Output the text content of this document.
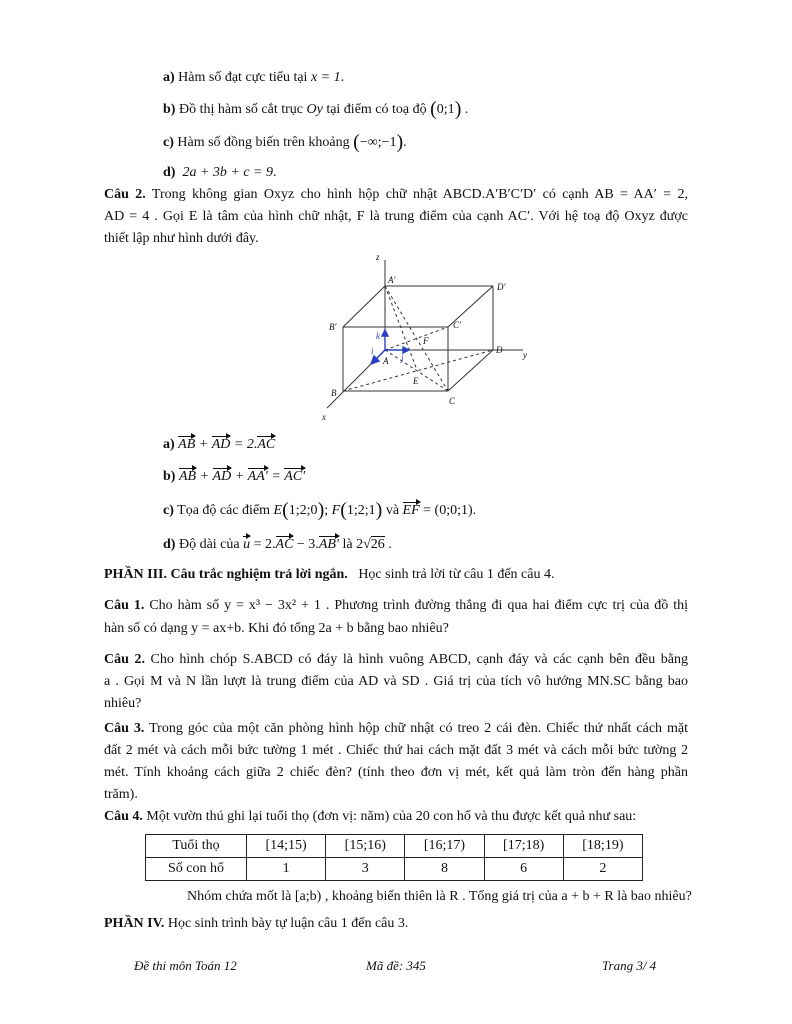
a) Hàm số đạt cực tiểu tại x = 1.
b) Đồ thị hàm số cắt trục Oy tại điểm có toạ độ (0;1) .
c) Hàm số đồng biến trên khoảng (−∞;−1).
d) 2a + 3b + c = 9.
Câu 2. Trong không gian Oxyz cho hình hộp chữ nhật ABCD.A′B′C′D′ có cạnh AB = AA′ = 2,
AD = 4 . Gọi E là tâm của hình chữ nhật, F là trung điểm của cạnh AC′. Với hệ toạ độ Oxyz được
thiết lập như hình dưới đây.
z
y
x
A′
D′
B′	C′
D
A
B
C
E
F
k
j
i
a) AB + AD = 2.AC
b) AB + AD + AA′ = AC′
c) Tọa độ các điểm E(1;2;0); F(1;2;1) và EF = (0;0;1).
d) Độ dài của u = 2.AC − 3.AB′ là 2√26 .
PHẦN III. Câu trắc nghiệm trả lời ngắn. Học sinh trả lời từ câu 1 đến câu 4.
Câu 1. Cho hàm số y = x³ − 3x² + 1 . Phương trình đường thẳng đi qua hai điểm cực trị của đồ thị
hàn số có dạng y = ax+b. Khi đó tổng 2a + b bằng bao nhiêu?
Câu 2. Cho hình chóp S.ABCD có đáy là hình vuông ABCD, cạnh đáy và các cạnh bên đều bằng
a . Gọi M và N lần lượt là trung điểm của AD và SD . Giá trị của tích vô hướng MN.SC bằng bao
nhiêu?
Câu 3. Trong góc của một căn phòng hình hộp chữ nhật có treo 2 cái đèn. Chiếc thứ nhất cách mặt
đất 2 mét và cách mỗi bức tường 1 mét . Chiếc thứ hai cách mặt đất 3 mét và cách mỗi bức tường 2
mét. Tính khoảng cách giữa 2 chiếc đèn? (tính theo đơn vị mét, kết quả làm tròn đến hàng phần
trăm).
Câu 4. Một vườn thú ghi lại tuổi thọ (đơn vị: năm) của 20 con hổ và thu được kết quả như sau:
Tuổi thọ	[14;15)	[15;16)	[16;17)	[17;18)	[18;19)
Số con hổ	1	3	8	6	2
Nhóm chứa mốt là [a;b) , khoảng biến thiên là R . Tổng giá trị của a + b + R là bao nhiêu?
PHẦN IV. Học sinh trình bày tự luận câu 1 đến câu 3.
Đề thi môn Toán 12	Mã đề: 345	Trang 3/ 4
